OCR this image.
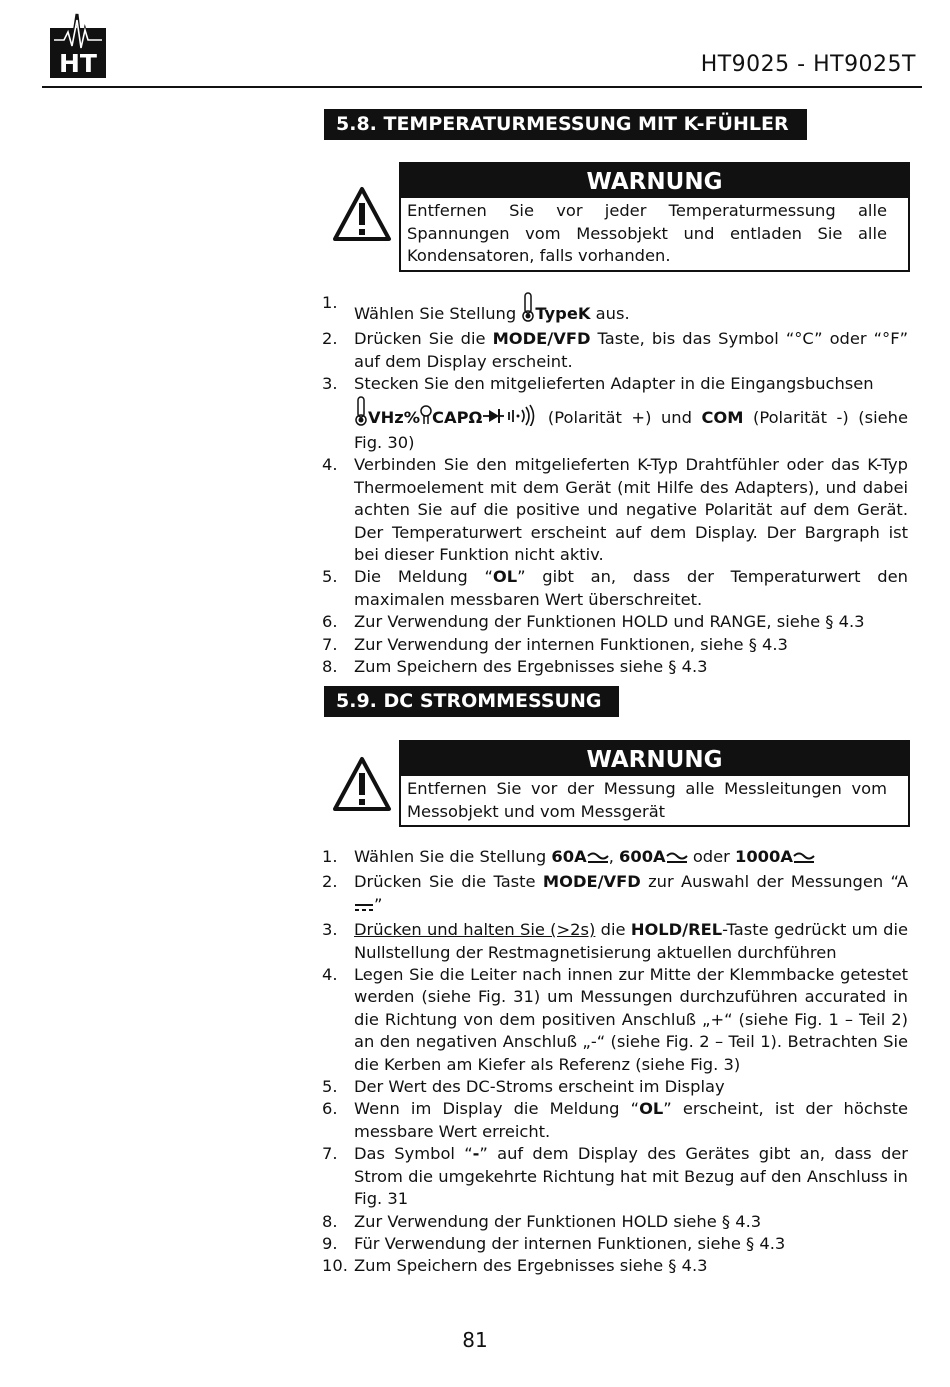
HT	HT9025 - HT9025T
5.8. TEMPERATURMESSUNG MIT K-FÜHLER
WARNUNG
Entfernen Sie vor jeder Temperaturmessung alle Spannungen vom Messobjekt und entladen Sie alle Kondensatoren, falls vorhanden.
1.
Wählen Sie Stellung TypeK aus.
2. Drücken Sie die MODE/VFD Taste, bis das Symbol “°C” oder “°F” auf dem Display erscheint.
3. Stecken Sie den mitgelieferten Adapter in die Eingangsbuchsen
VHz% CAPΩ	(Polarität +) und COM (Polarität -) (siehe Fig. 30)
4. Verbinden Sie den mitgelieferten K-Typ Drahtfühler oder das K-Typ Thermoelement mit dem Gerät (mit Hilfe des Adapters), und dabei achten Sie auf die positive und negative Polarität auf dem Gerät. Der Temperaturwert erscheint auf dem Display. Der Bargraph ist bei dieser Funktion nicht aktiv.
5. Die Meldung “OL” gibt an, dass der Temperaturwert den maximalen messbaren Wert überschreitet.
6. Zur Verwendung der Funktionen HOLD und RANGE, siehe § 4.3
7. Zur Verwendung der internen Funktionen, siehe § 4.3
8. Zum Speichern des Ergebnisses siehe § 4.3
5.9. DC STROMMESSUNG
WARNUNG
Entfernen Sie vor der Messung alle Messleitungen vom Messobjekt und vom Messgerät
1. Wählen Sie die Stellung 60A , 600A oder 1000A
2. Drücken Sie die Taste MODE/VFD zur Auswahl der Messungen “A”
3. Drücken und halten Sie (>2s) die HOLD/REL-Taste gedrückt um die Nullstellung der Restmagnetisierung aktuellen durchführen
4. Legen Sie die Leiter nach innen zur Mitte der Klemmbacke getestet werden (siehe Fig. 31) um Messungen durchzuführen accurated in die Richtung von dem positiven Anschluß „+“ (siehe Fig. 1 – Teil 2) an den negativen Anschluß „-“ (siehe Fig. 2 – Teil 1). Betrachten Sie die Kerben am Kiefer als Referenz (siehe Fig. 3)
5. Der Wert des DC-Stroms erscheint im Display
6. Wenn im Display die Meldung “OL” erscheint, ist der höchste messbare Wert erreicht.
7. Das Symbol “-” auf dem Display des Gerätes gibt an, dass der Strom die umgekehrte Richtung hat mit Bezug auf den Anschluss in Fig. 31
8. Zur Verwendung der Funktionen HOLD siehe § 4.3
9. Für Verwendung der internen Funktionen, siehe § 4.3
10. Zum Speichern des Ergebnisses siehe § 4.3
81
